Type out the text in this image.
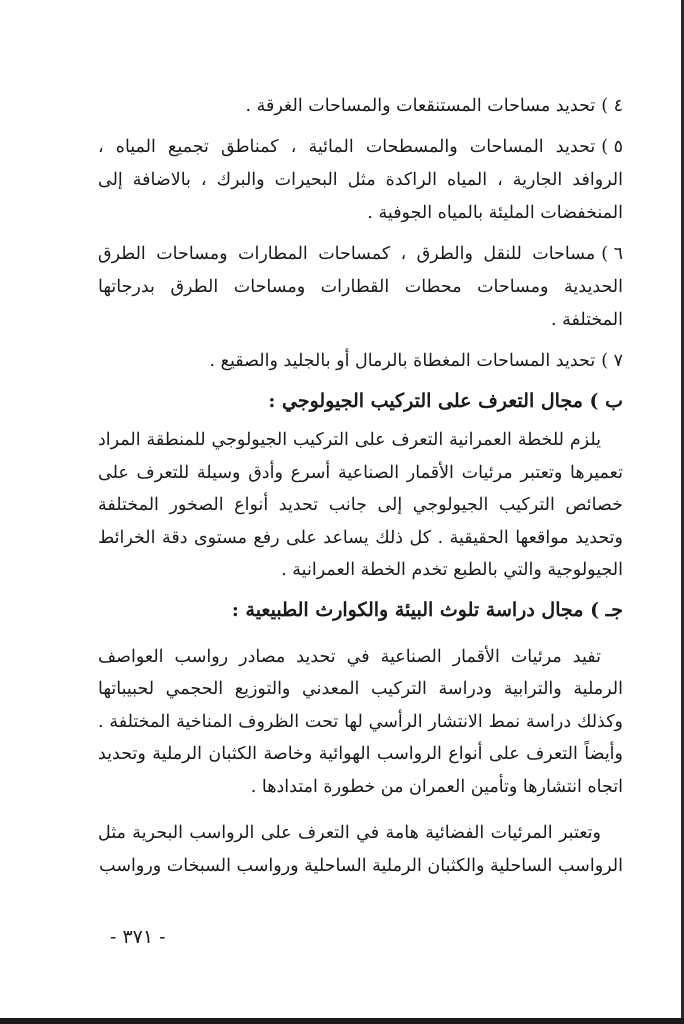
٤ )تحديد مساحات المستنقعات والمساحات الغرقة .

٥ )تحديد المساحات والمسطحات المائية ، كمناطق تجميع المياه ، الروافد الجارية ، المياه الراكدة مثل البحيرات والبرك ، بالاضافة إلى المنخفضات المليئة بالمياه الجوفية .

٦ )مساحات للنقل والطرق ، كمساحات المطارات ومساحات الطرق الحديدية ومساحات محطات القطارات ومساحات الطرق بدرجاتها المختلفة .

٧ )تحديد المساحات المغطاة بالرمال أو بالجليد والصقيع .

ب ) مجال التعرف على التركيب الجيولوجي :

يلزم للخطة العمرانية التعرف على التركيب الجيولوجي للمنطقة المراد تعميرها وتعتبر مرئيات الأقمار الصناعية أسرع وأدق وسيلة للتعرف على خصائص التركيب الجيولوجي إلى جانب تحديد أنواع الصخور المختلفة وتحديد مواقعها الحقيقية . كل ذلك يساعد على رفع مستوى دقة الخرائط الجيولوجية والتي بالطبع تخدم الخطة العمرانية .

جـ ) مجال دراسة تلوث البيئة والكوارث الطبيعية :

تفيد مرئيات الأقمار الصناعية في تحديد مصادر رواسب العواصف الرملية والترابية ودراسة التركيب المعدني والتوزيع الحجمي لحبيباتها وكذلك دراسة نمط الانتشار الرأسي لها تحت الظروف المناخية المختلفة . وأيضاً التعرف على أنواع الرواسب الهوائية وخاصة الكثبان الرملية وتحديد اتجاه انتشارها وتأمين العمران من خطورة امتدادها .

وتعتبر المرئيات الفضائية هامة في التعرف على الرواسب البحرية مثل الرواسب الساحلية والكثبان الرملية الساحلية ورواسب السبخات ورواسب

- ٣٧١ -
